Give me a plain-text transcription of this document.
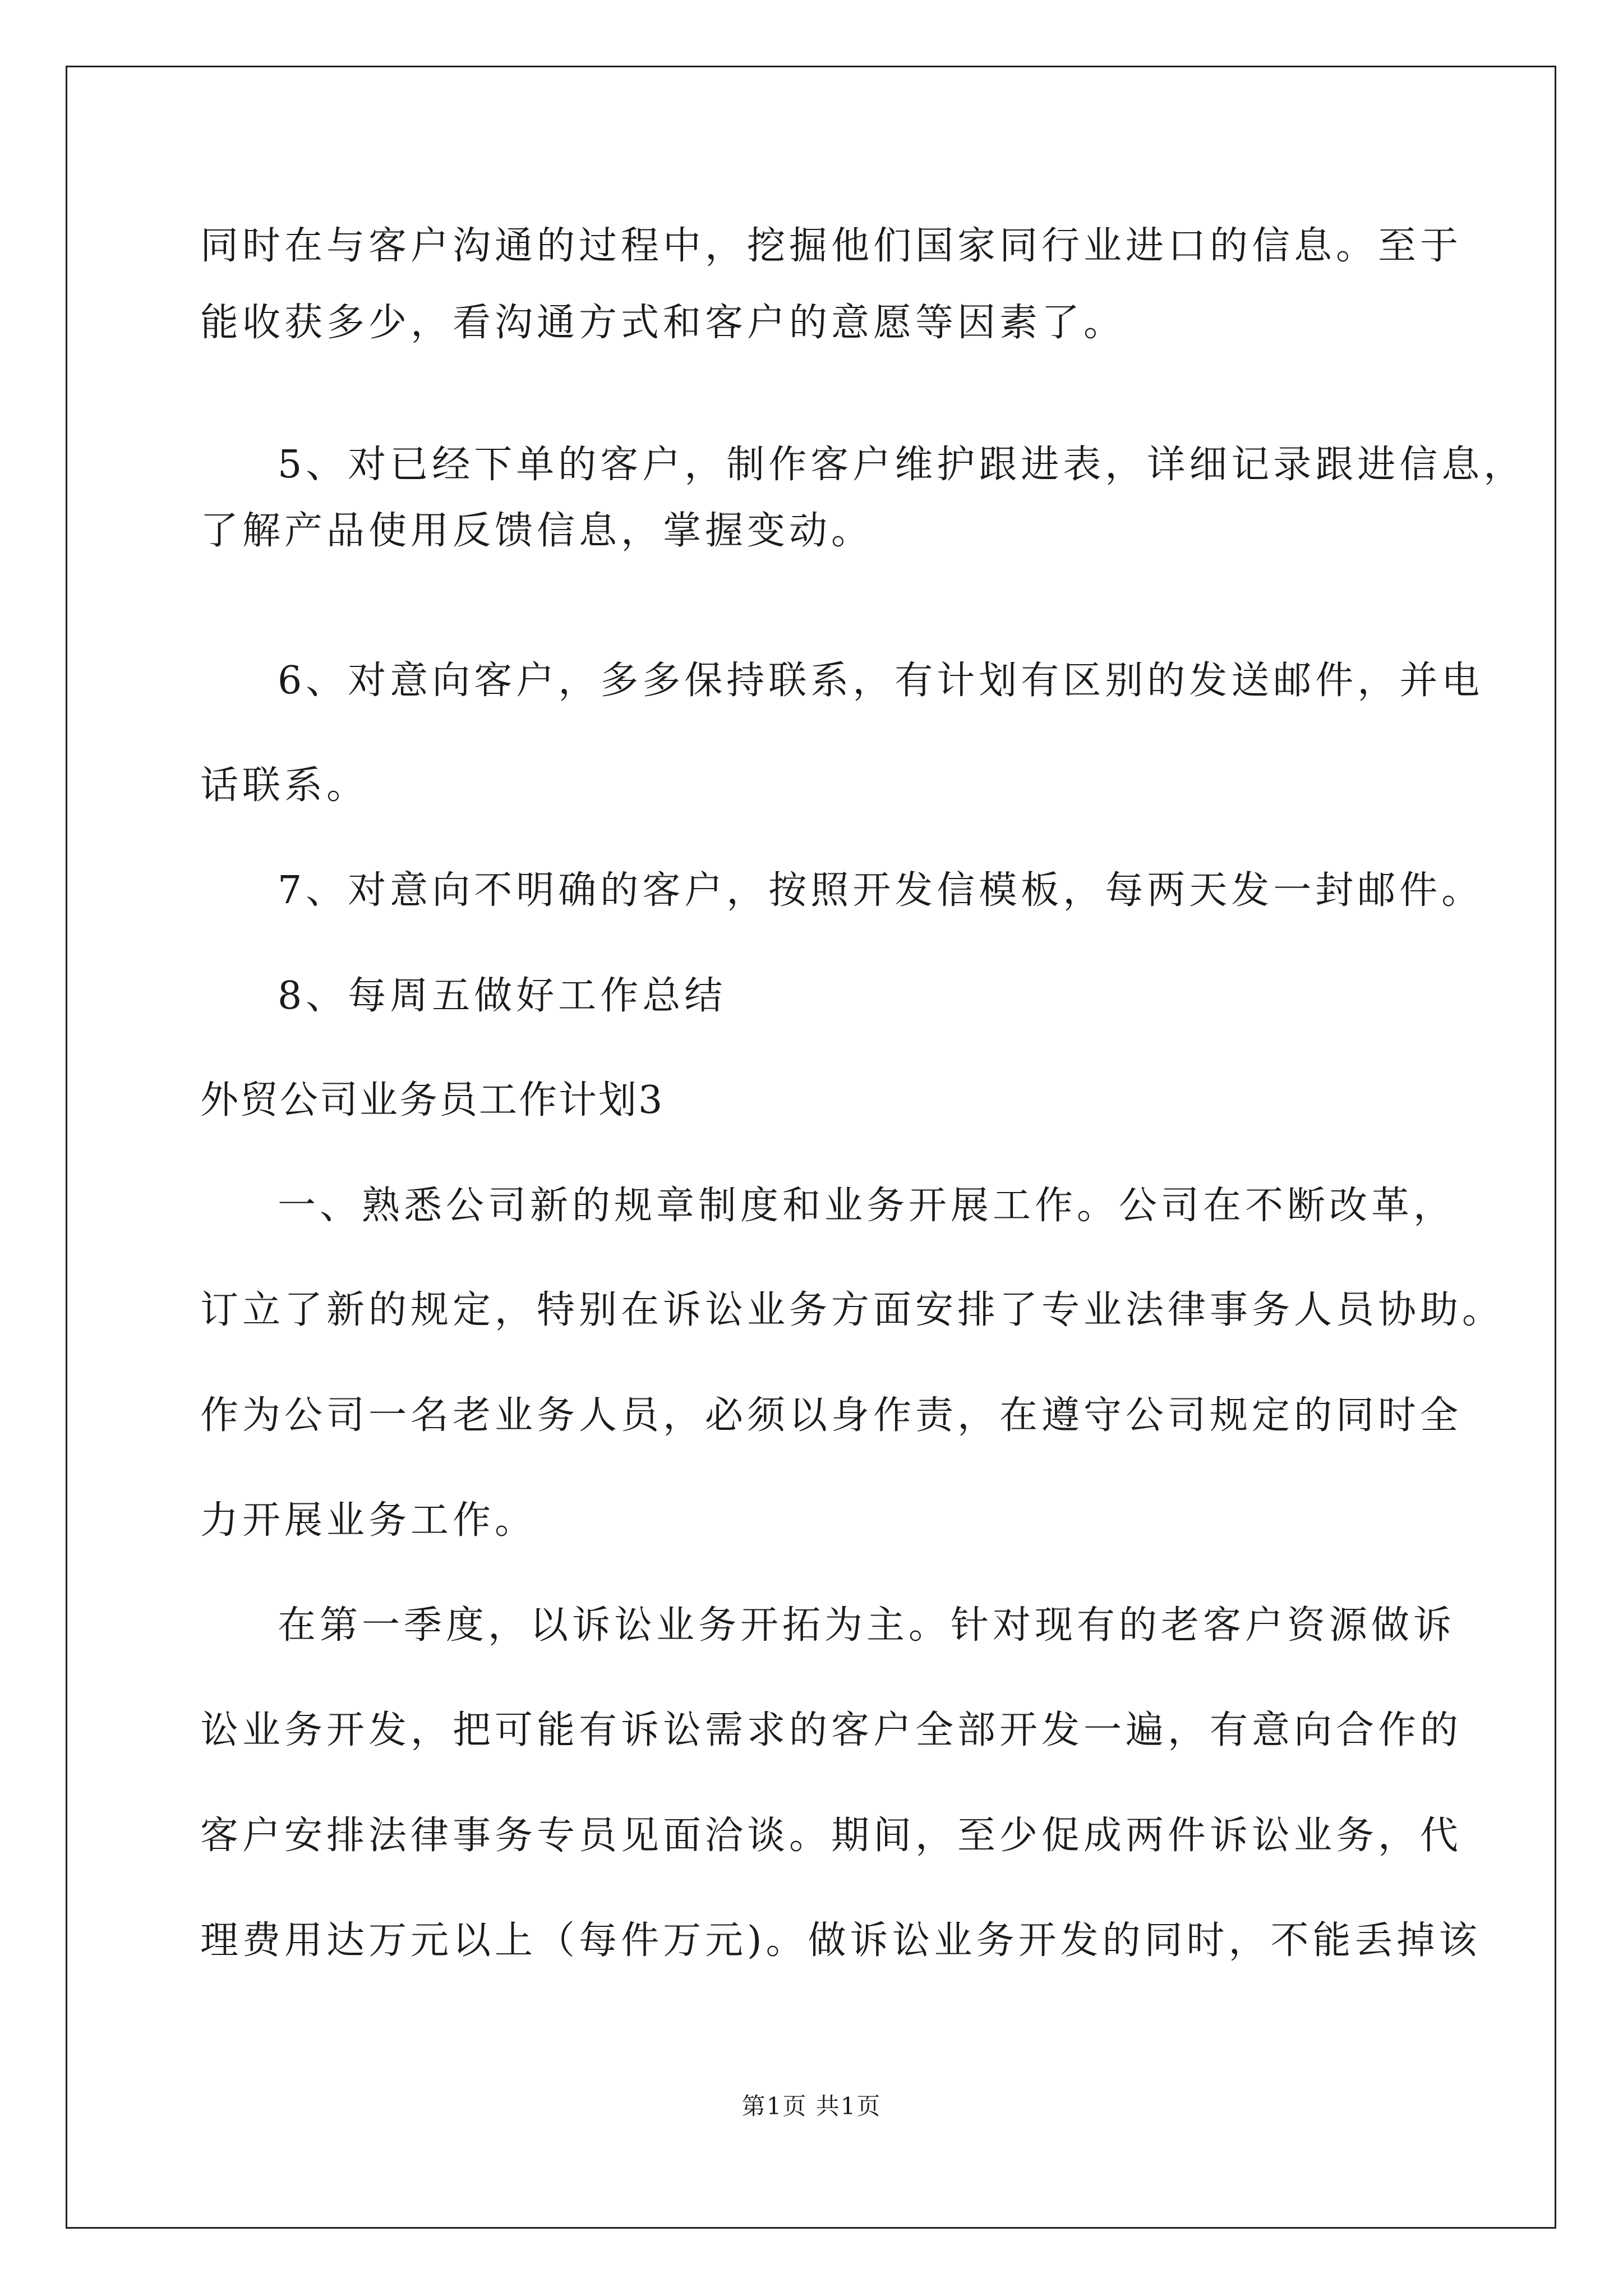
同时在与客户沟通的过程中，挖掘他们国家同行业进口的信息。至于
能收获多少，看沟通方式和客户的意愿等因素了。
5、对已经下单的客户，制作客户维护跟进表，详细记录跟进信息，
了解产品使用反馈信息，掌握变动。
6、对意向客户，多多保持联系，有计划有区别的发送邮件，并电
话联系。
7、对意向不明确的客户，按照开发信模板，每两天发一封邮件。
8、每周五做好工作总结
外贸公司业务员工作计划3
一、熟悉公司新的规章制度和业务开展工作。公司在不断改革，
订立了新的规定，特别在诉讼业务方面安排了专业法律事务人员协助。
作为公司一名老业务人员，必须以身作责，在遵守公司规定的同时全
力开展业务工作。
在第一季度，以诉讼业务开拓为主。针对现有的老客户资源做诉
讼业务开发，把可能有诉讼需求的客户全部开发一遍，有意向合作的
客户安排法律事务专员见面洽谈。期间，至少促成两件诉讼业务，代
理费用达万元以上（每件万元)。做诉讼业务开发的同时，不能丢掉该
第1页 共1页
